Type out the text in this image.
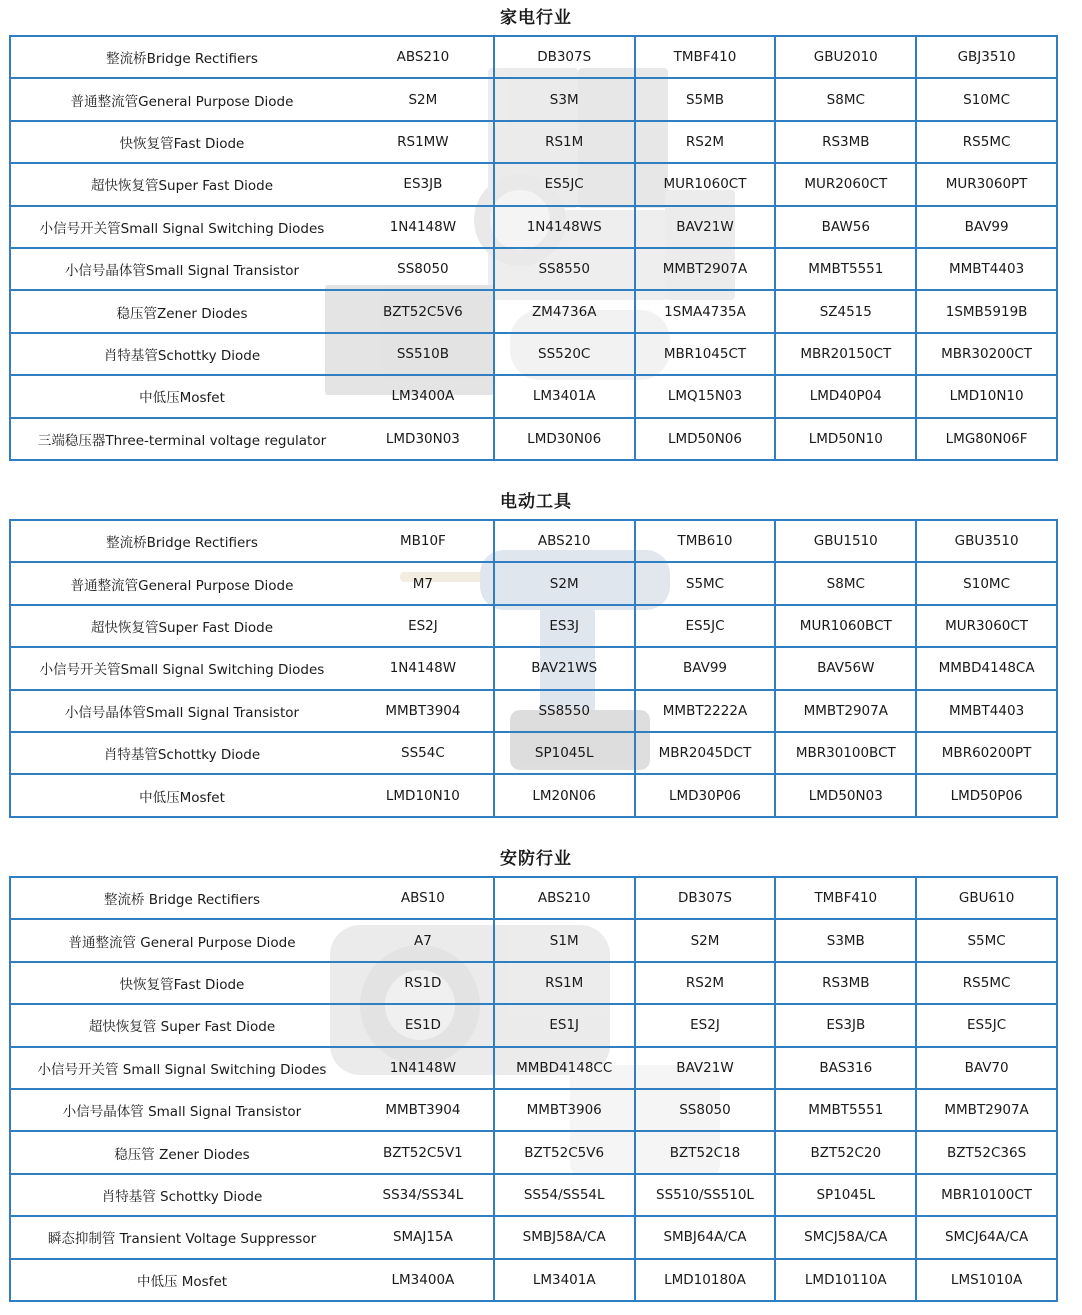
家电行业
整流桥Bridge Rectifiers	ABS210	DB307S	TMBF410	GBU2010	GBJ3510
普通整流管General Purpose Diode	S2M	S3M	S5MB	S8MC	S10MC
快恢复管Fast Diode	RS1MW	RS1M	RS2M	RS3MB	RS5MC
超快恢复管Super Fast Diode	ES3JB	ES5JC	MUR1060CT	MUR2060CT	MUR3060PT
小信号开关管Small Signal Switching Diodes	1N4148W	1N4148WS	BAV21W	BAW56	BAV99
小信号晶体管Small Signal Transistor	SS8050	SS8550	MMBT2907A	MMBT5551	MMBT4403
稳压管Zener Diodes	BZT52C5V6	ZM4736A	1SMA4735A	SZ4515	1SMB5919B
肖特基管Schottky Diode	SS510B	SS520C	MBR1045CT	MBR20150CT	MBR30200CT
中低压Mosfet	LM3400A	LM3401A	LMQ15N03	LMD40P04	LMD10N10
三端稳压器Three-terminal voltage regulator	LMD30N03	LMD30N06	LMD50N06	LMD50N10	LMG80N06F
电动工具
整流桥Bridge Rectifiers	MB10F	ABS210	TMB610	GBU1510	GBU3510
普通整流管General Purpose Diode	M7	S2M	S5MC	S8MC	S10MC
超快恢复管Super Fast Diode	ES2J	ES3J	ES5JC	MUR1060BCT	MUR3060CT
小信号开关管Small Signal Switching Diodes	1N4148W	BAV21WS	BAV99	BAV56W	MMBD4148CA
小信号晶体管Small Signal Transistor	MMBT3904	SS8550	MMBT2222A	MMBT2907A	MMBT4403
肖特基管Schottky Diode	SS54C	SP1045L	MBR2045DCT	MBR30100BCT	MBR60200PT
中低压Mosfet	LMD10N10	LM20N06	LMD30P06	LMD50N03	LMD50P06
安防行业
整流桥 Bridge Rectifiers	ABS10	ABS210	DB307S	TMBF410	GBU610
普通整流管 General Purpose Diode	A7	S1M	S2M	S3MB	S5MC
快恢复管Fast Diode	RS1D	RS1M	RS2M	RS3MB	RS5MC
超快恢复管 Super Fast Diode	ES1D	ES1J	ES2J	ES3JB	ES5JC
小信号开关管 Small Signal Switching Diodes	1N4148W	MMBD4148CC	BAV21W	BAS316	BAV70
小信号晶体管 Small Signal Transistor	MMBT3904	MMBT3906	SS8050	MMBT5551	MMBT2907A
稳压管 Zener Diodes	BZT52C5V1	BZT52C5V6	BZT52C18	BZT52C20	BZT52C36S
肖特基管 Schottky Diode	SS34/SS34L	SS54/SS54L	SS510/SS510L	SP1045L	MBR10100CT
瞬态抑制管 Transient Voltage Suppressor	SMAJ15A	SMBJ58A/CA	SMBJ64A/CA	SMCJ58A/CA	SMCJ64A/CA
中低压 Mosfet	LM3400A	LM3401A	LMD10180A	LMD10110A	LMS1010A
